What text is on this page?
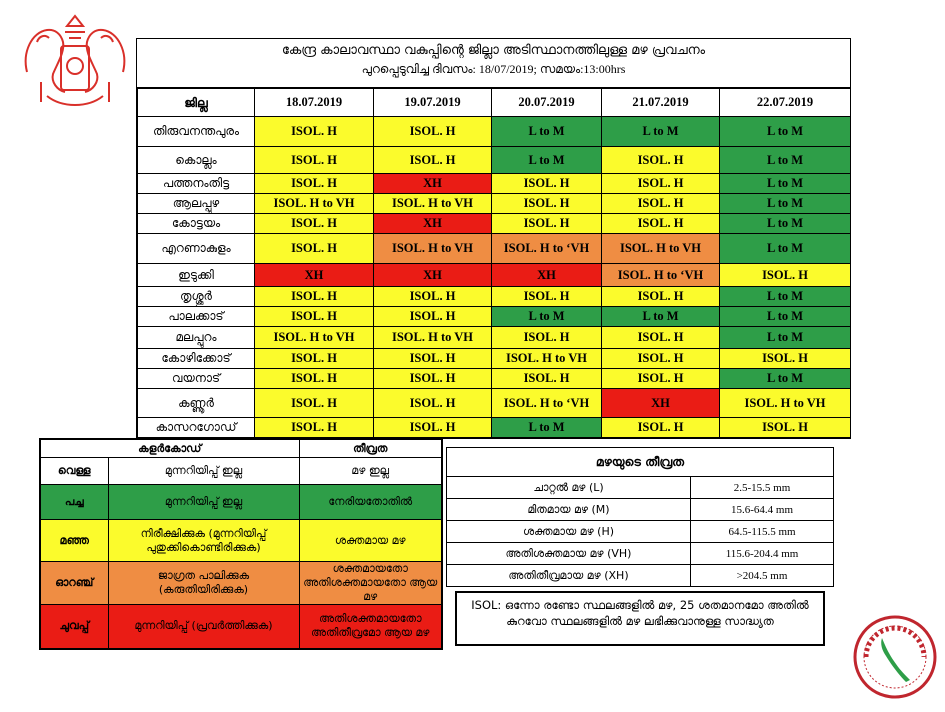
കേന്ദ്ര കാലാവസ്ഥാ വകുപ്പിന്റെ ജില്ലാ അടിസ്ഥാനത്തിലുള്ള മഴ പ്രവചനം
പുറപ്പെടുവിച്ച ദിവസം: 18/07/2019; സമയം:13:00hrs
ജില്ല	18.07.2019	19.07.2019	20.07.2019	21.07.2019	22.07.2019
തിരുവനന്തപുരം	ISOL. H	ISOL. H	L to M	L to M	L to M
കൊല്ലം	ISOL. H	ISOL. H	L to M	ISOL. H	L to M
പത്തനംതിട്ട	ISOL. H	XH	ISOL. H	ISOL. H	L to M
ആലപ്പുഴ	ISOL. H to VH	ISOL. H to VH	ISOL. H	ISOL. H	L to M
കോട്ടയം	ISOL. H	XH	ISOL. H	ISOL. H	L to M
എറണാകുളം	ISOL. H	ISOL. H to VH	ISOL. H to ‘VH	ISOL. H to VH	L to M
ഇടുക്കി	XH	XH	XH	ISOL. H to ‘VH	ISOL. H
തൃശ്ശൂർ	ISOL. H	ISOL. H	ISOL. H	ISOL. H	L to M
പാലക്കാട്	ISOL. H	ISOL. H	L to M	L to M	L to M
മലപ്പുറം	ISOL. H to VH	ISOL. H to VH	ISOL. H	ISOL. H	L to M
കോഴിക്കോട്	ISOL. H	ISOL. H	ISOL. H to VH	ISOL. H	ISOL. H
വയനാട്	ISOL. H	ISOL. H	ISOL. H	ISOL. H	L to M
കണ്ണൂർ	ISOL. H	ISOL. H	ISOL. H to ‘VH	XH	ISOL. H to VH
കാസറഗോഡ്	ISOL. H	ISOL. H	L to M	ISOL. H	ISOL. H
കളർകോഡ്		തീവ്രത
വെള്ള	മുന്നറിയിപ്പ് ഇല്ല	മഴ ഇല്ല
പച്ച	മുന്നറിയിപ്പ് ഇല്ല	നേരിയതോതിൽ
മഞ്ഞ	നിരീക്ഷിക്കുക (മുന്നറിയിപ്പ് പുതുക്കികൊണ്ടിരിക്കുക)	ശക്തമായ മഴ
ഓറഞ്ച്	ജാഗ്രത പാലിക്കുക (കരുതിയിരിക്കുക)	ശക്തമായതോ അതിശക്തമായതോ ആയ മഴ
ചുവപ്പ്	മുന്നറിയിപ്പ് (പ്രവർത്തിക്കുക)	അതിശക്തമായതോ അതിതീവ്രമോ ആയ മഴ
മഴയുടെ തീവ്രത	
ചാറ്റൽ മഴ (L)	2.5-15.5 mm
മിതമായ മഴ (M)	15.6-64.4 mm
ശക്തമായ മഴ (H)	64.5-115.5 mm
അതിശക്തമായ മഴ (VH)	115.6-204.4 mm
അതിതീവ്രമായ മഴ (XH)	>204.5 mm
ISOL: ഒന്നോ രണ്ടോ സ്ഥലങ്ങളിൽ മഴ, 25 ശതമാനമോ അതിൽ കുറവോ സ്ഥലങ്ങളിൽ മഴ ലഭിക്കുവാനുള്ള സാദ്ധ്യത
